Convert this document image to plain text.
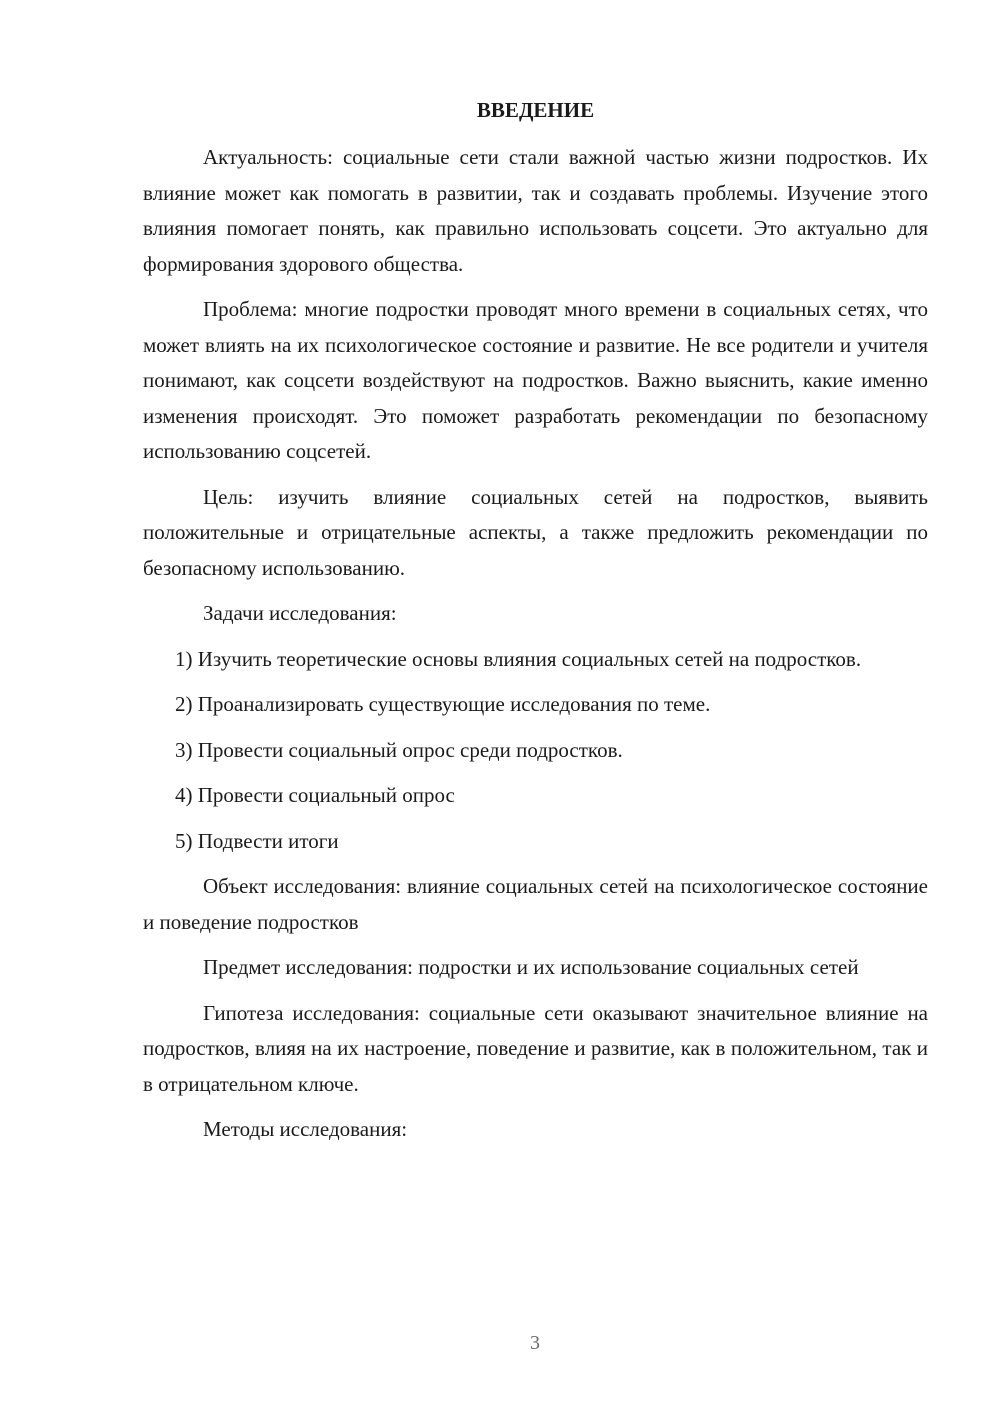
ВВЕДЕНИЕ

Актуальность: социальные сети стали важной частью жизни подростков. Их влияние может как помогать в развитии, так и создавать проблемы. Изучение этого влияния помогает понять, как правильно использовать соцсети. Это актуально для формирования здорового общества.

Проблема: многие подростки проводят много времени в социальных сетях, что может влиять на их психологическое состояние и развитие. Не все родители и учителя понимают, как соцсети воздействуют на подростков. Важно выяснить, какие именно изменения происходят. Это поможет разработать рекомендации по безопасному использованию соцсетей.

Цель: изучить влияние социальных сетей на подростков, выявить положительные и отрицательные аспекты, а также предложить рекомендации по безопасному использованию.

Задачи исследования:

1) Изучить теоретические основы влияния социальных сетей на подростков.

2) Проанализировать существующие исследования по теме.

3) Провести социальный опрос среди подростков.

4) Провести социальный опрос

5) Подвести итоги

Объект исследования: влияние социальных сетей на психологическое состояние и поведение подростков

Предмет исследования: подростки и их использование социальных сетей

Гипотеза исследования: социальные сети оказывают значительное влияние на подростков, влияя на их настроение, поведение и развитие, как в положительном, так и в отрицательном ключе.

Методы исследования:

3
